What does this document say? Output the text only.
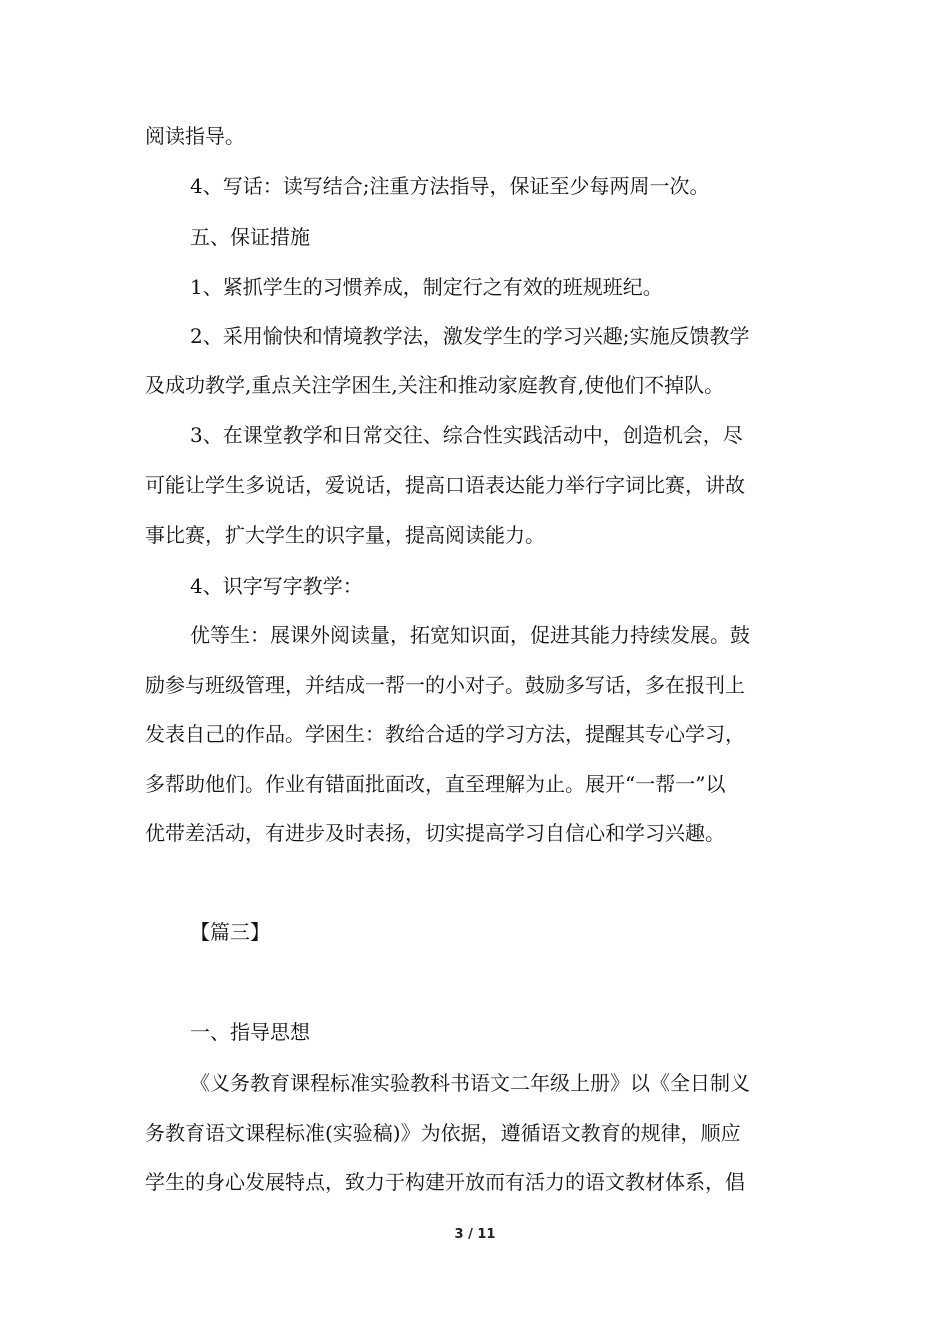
阅读指导。
4、写话：读写结合;注重方法指导，保证至少每两周一次。
五、保证措施
1、紧抓学生的习惯养成，制定行之有效的班规班纪。
2、采用愉快和情境教学法，激发学生的学习兴趣;实施反馈教学
及成功教学,重点关注学困生,关注和推动家庭教育,使他们不掉队。
3、在课堂教学和日常交往、综合性实践活动中，创造机会，尽
可能让学生多说话，爱说话，提高口语表达能力举行字词比赛，讲故
事比赛，扩大学生的识字量，提高阅读能力。
4、识字写字教学：
优等生：展课外阅读量，拓宽知识面，促进其能力持续发展。鼓
励参与班级管理，并结成一帮一的小对子。鼓励多写话，多在报刊上
发表自己的作品。学困生：教给合适的学习方法，提醒其专心学习，
多帮助他们。作业有错面批面改，直至理解为止。展开“一帮一”以
优带差活动，有进步及时表扬，切实提高学习自信心和学习兴趣。
【篇三】
一、指导思想
《义务教育课程标准实验教科书语文二年级上册》以《全日制义
务教育语文课程标准(实验稿)》为依据，遵循语文教育的规律，顺应
学生的身心发展特点，致力于构建开放而有活力的语文教材体系，倡
3 / 11
